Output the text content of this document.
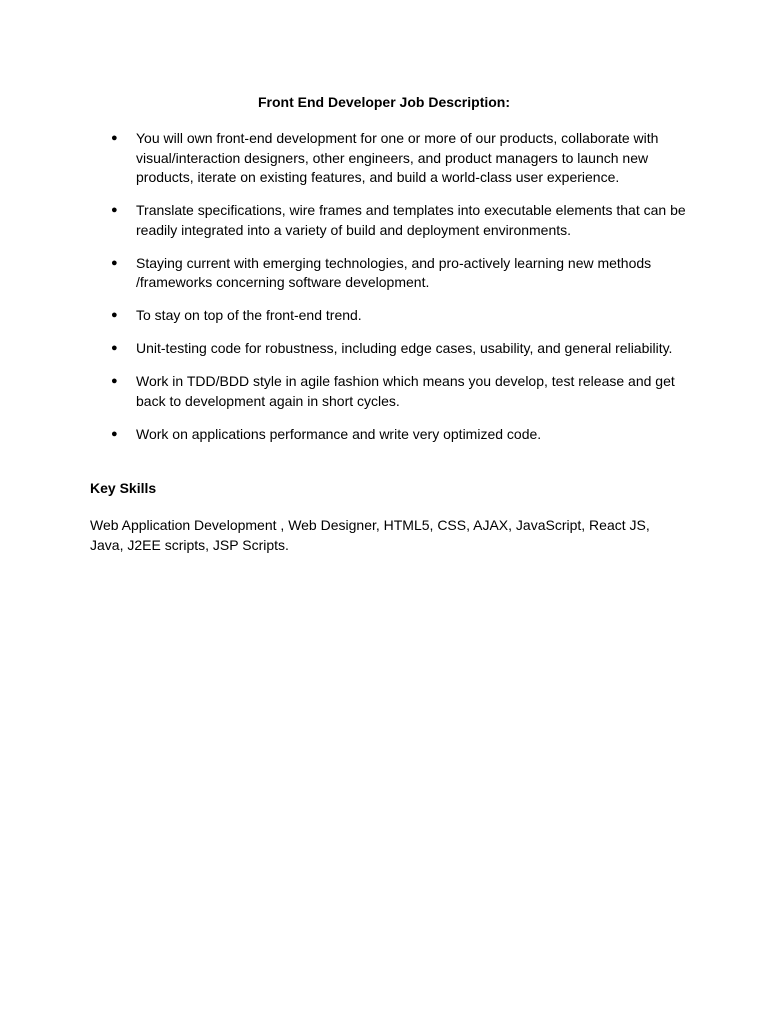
Front End Developer Job Description:
● You will own front-end development for one or more of our products, collaborate with visual/interaction designers, other engineers, and product managers to launch new products, iterate on existing features, and build a world-class user experience.
● Translate specifications, wire frames and templates into executable elements that can be readily integrated into a variety of build and deployment environments.
● Staying current with emerging technologies, and pro-actively learning new methods /frameworks concerning software development.
● To stay on top of the front-end trend.
● Unit-testing code for robustness, including edge cases, usability, and general reliability.
● Work in TDD/BDD style in agile fashion which means you develop, test release and get back to development again in short cycles.
● Work on applications performance and write very optimized code.
Key Skills

Web Application Development , Web Designer, HTML5, CSS, AJAX, JavaScript, React JS, Java, J2EE scripts, JSP Scripts.
